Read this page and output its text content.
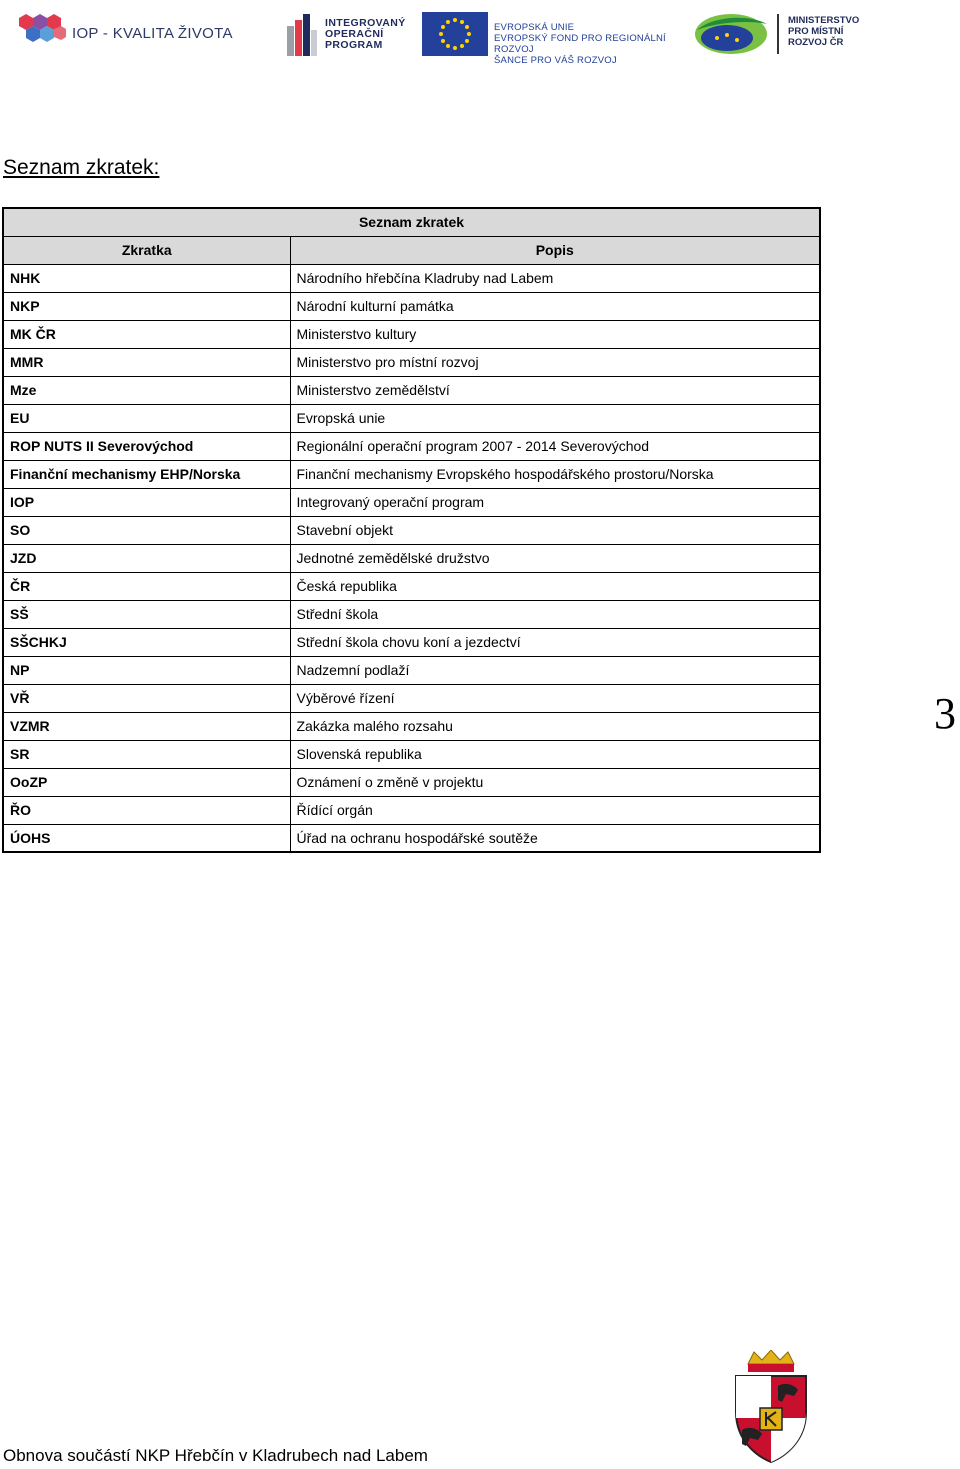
IOP - KVALITA ŽIVOTA
INTEGROVANÝ
OPERAČNÍ
PROGRAM
EVROPSKÁ UNIE
EVROPSKÝ FOND PRO REGIONÁLNÍ ROZVOJ
ŠANCE PRO VÁŠ ROZVOJ
MINISTERSTVO
PRO MÍSTNÍ
ROZVOJ ČR
Seznam zkratek:
Seznam zkratek	
Zkratka	Popis
NHK	Národního hřebčína Kladruby nad Labem
NKP	Národní kulturní památka
MK ČR	Ministerstvo kultury
MMR	Ministerstvo pro místní rozvoj
Mze	Ministerstvo zemědělství
EU	Evropská unie
ROP NUTS II Severovýchod	Regionální operační program 2007 - 2014 Severovýchod
Finanční mechanismy EHP/Norska	Finanční mechanismy Evropského hospodářského prostoru/Norska
IOP	Integrovaný operační program
SO	Stavební objekt
JZD	Jednotné zemědělské družstvo
ČR	Česká republika
SŠ	Střední škola
SŠCHKJ	Střední škola chovu koní a jezdectví
NP	Nadzemní podlaží
VŘ	Výběrové řízení
VZMR	Zakázka malého rozsahu
SR	Slovenská republika
OoZP	Oznámení o změně v projektu
ŘO	Řídící orgán
ÚOHS	Úřad na ochranu hospodářské soutěže
3
Obnova součástí NKP Hřebčín v Kladrubech nad Labem
